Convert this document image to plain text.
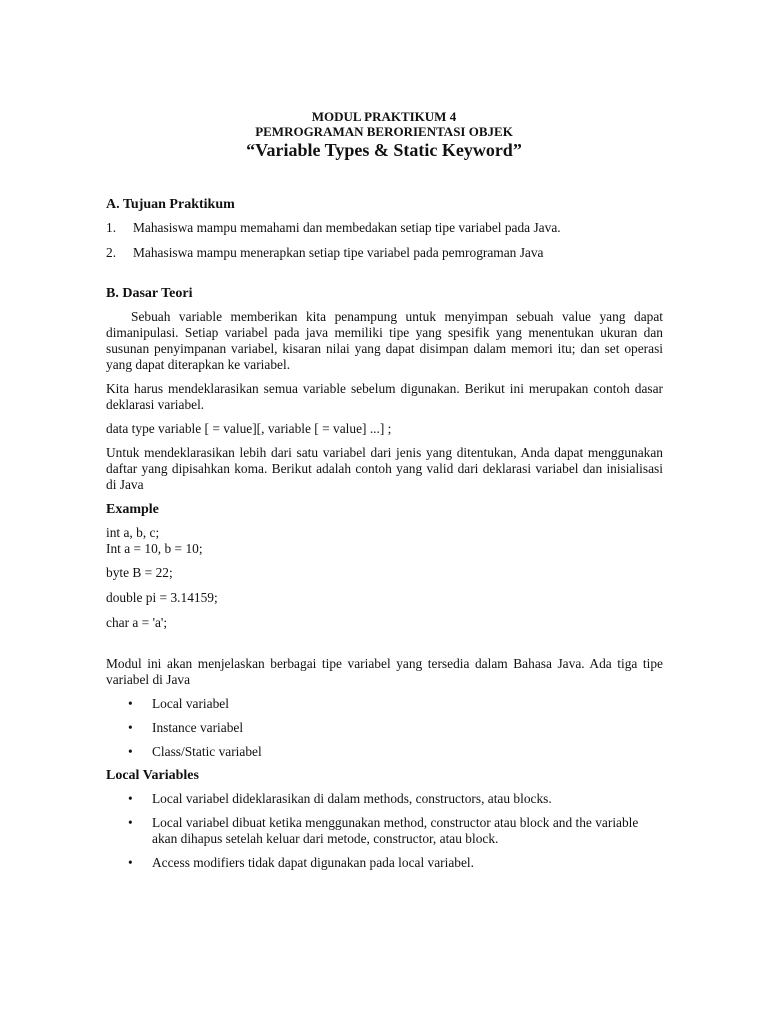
MODUL PRAKTIKUM 4
PEMROGRAMAN BERORIENTASI OBJEK
“Variable Types & Static Keyword”
A. Tujuan Praktikum
1.	Mahasiswa mampu memahami dan membedakan setiap tipe variabel pada Java.
2.	Mahasiswa mampu menerapkan setiap tipe variabel pada pemrograman Java
B. Dasar Teori

Sebuah variable memberikan kita penampung untuk menyimpan sebuah value yang dapat dimanipulasi. Setiap variabel pada java memiliki tipe yang spesifik yang menentukan ukuran dan susunan penyimpanan variabel, kisaran nilai yang dapat disimpan dalam memori itu; dan set operasi yang dapat diterapkan ke variabel.

Kita harus mendeklarasikan semua variable sebelum digunakan. Berikut ini merupakan contoh dasar deklarasi variabel.

data type variable [ = value][, variable [ = value] ...] ;

Untuk mendeklarasikan lebih dari satu variabel dari jenis yang ditentukan, Anda dapat menggunakan daftar yang dipisahkan koma. Berikut adalah contoh yang valid dari deklarasi variabel dan inisialisasi di Java

Example

int a, b, c;

Int a = 10, b = 10;

byte B = 22;

double pi = 3.14159;

char a = 'a';

Modul ini akan menjelaskan berbagai tipe variabel yang tersedia dalam Bahasa Java. Ada tiga tipe variabel di Java

•	Local variabel
•	Instance variabel
•	Class/Static variabel
Local Variables
•	Local variabel dideklarasikan di dalam methods, constructors, atau blocks.
•	Local variabel dibuat ketika menggunakan method, constructor atau block and the variable akan dihapus setelah keluar dari metode, constructor, atau block.
•	Access modifiers tidak dapat digunakan pada local variabel.
